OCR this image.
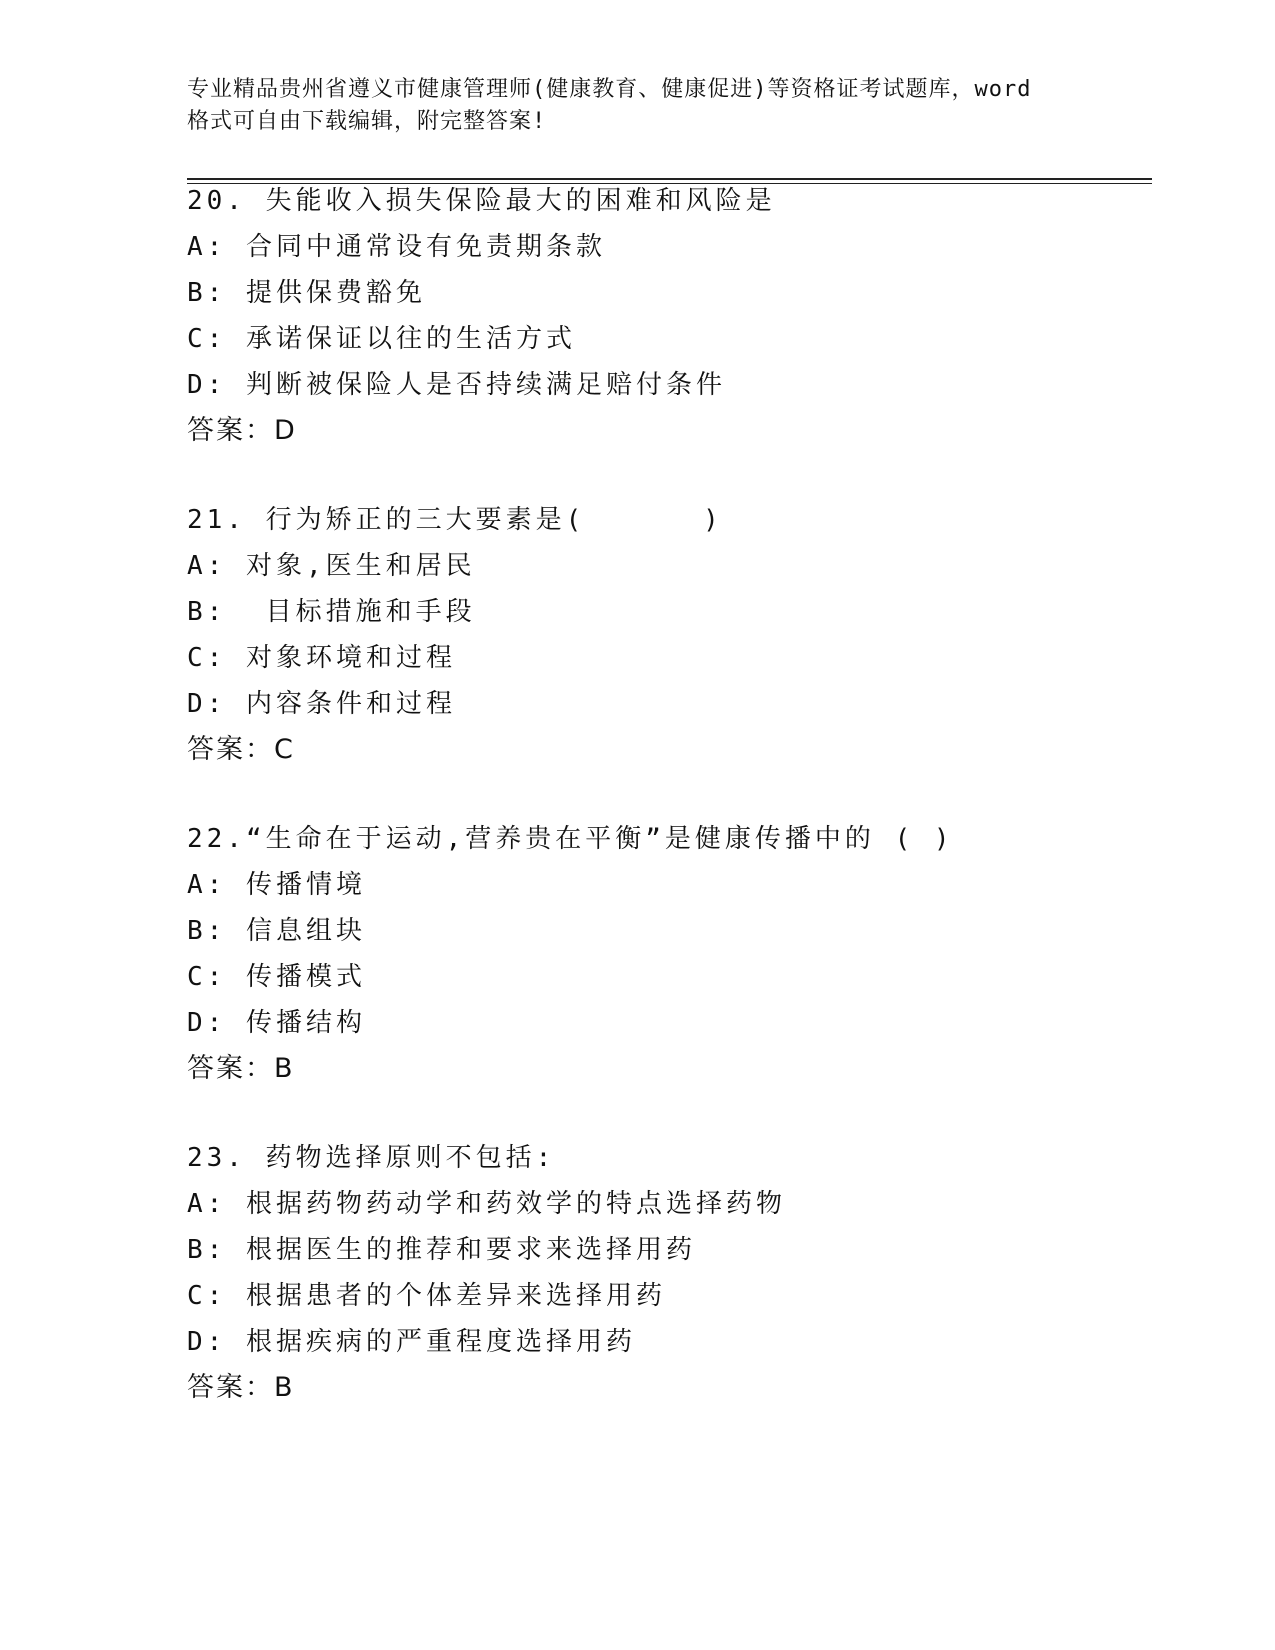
专业精品贵州省遵义市健康管理师(健康教育、健康促进)等资格证考试题库，word
格式可自由下载编辑，附完整答案!
20. 失能收入损失保险最大的困难和风险是
A: 合同中通常设有免责期条款
B: 提供保费豁免
C: 承诺保证以往的生活方式
D: 判断被保险人是否持续满足赔付条件
答案：D
21. 行为矫正的三大要素是(      )
A: 对象,医生和居民
B:  目标措施和手段
C: 对象环境和过程
D: 内容条件和过程
答案：C
22.“生命在于运动,营养贵在平衡”是健康传播中的 ( )
A: 传播情境
B: 信息组块
C: 传播模式
D: 传播结构
答案：B
23. 药物选择原则不包括:
A: 根据药物药动学和药效学的特点选择药物
B: 根据医生的推荐和要求来选择用药
C: 根据患者的个体差异来选择用药
D: 根据疾病的严重程度选择用药
答案：B
